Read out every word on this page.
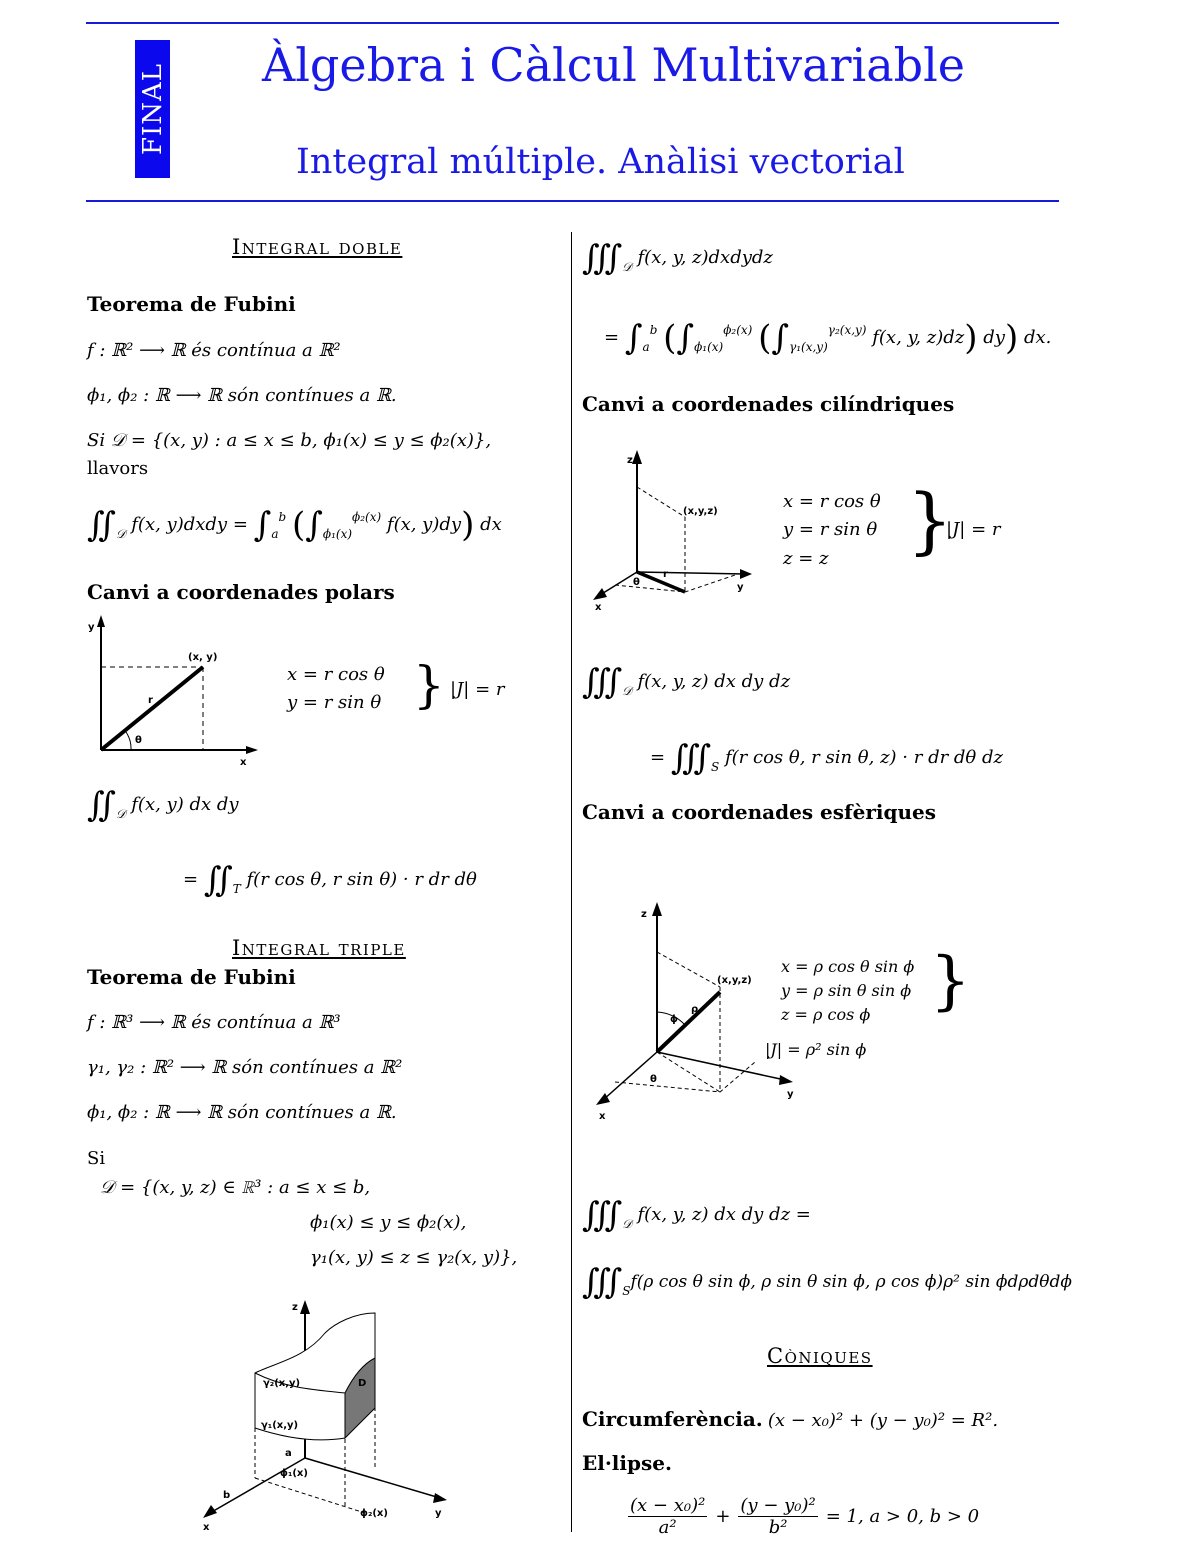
FINAL Àlgebra i Càlcul Multivariable
Integral múltiple. Anàlisi vectorial
Integral doble
Teorema de Fubini
f : ℝ² ⟶ ℝ és contínua a ℝ²
ϕ₁, ϕ₂ : ℝ ⟶ ℝ són contínues a ℝ.
Si 𝒟 = {(x, y) : a ≤ x ≤ b, ϕ₁(x) ≤ y ≤ ϕ₂(x)},
llavors
$∬_𝒟$ f(x, y)dxdy = $\int_a^b$ ($\int_{\phi_1(x)}^{\phi_2(x)}$ f(x, y)dy) dx
Canvi a coordenades polars
y
x
(x, y)
r
θ
x = r cos θ
y = r sin θ } |J| = r
$∬_𝒟$ f(x, y) dx dy
= $∬_T$ f(r cos θ, r sin θ) · r dr dθ
Integral triple
Teorema de Fubini
f : ℝ³ ⟶ ℝ és contínua a ℝ³
γ₁, γ₂ : ℝ² ⟶ ℝ són contínues a ℝ²
ϕ₁, ϕ₂ : ℝ ⟶ ℝ són contínues a ℝ.
Si
𝒟 = {(x, y, z) ∈ ℝ³ : a ≤ x ≤ b,
ϕ₁(x) ≤ y ≤ ϕ₂(x),
γ₁(x, y) ≤ z ≤ γ₂(x, y)},
z
y
x
γ₂(x,y)
γ₁(x,y)
D
a
b
ϕ₁(x)
ϕ₂(x)
$∭_𝒟$ f(x, y, z)dxdydz
= $\int_a^b$ ($\int_{\phi_1(x)}^{\phi_2(x)}$ ($\int_{\gamma_1(x,y)}^{\gamma_2(x,y)}$ f(x, y, z)dz) dy) dx.
Canvi a coordenades cilíndriques
z
y
x
(x,y,z)
θ
r
x = r cos θ
y = r sin θ
z = z }
|J| = r
$∭_𝒟$ f(x, y, z) dx dy dz
= $∭_S$ f(r cos θ, r sin θ, z) · r dr dθ dz
Canvi a coordenades esfèriques
z
y
x
(x,y,z)
θ
ϕ
ρ
x = ρ cos θ sin ϕ
y = ρ sin θ sin ϕ
z = ρ cos ϕ }
|J| = ρ² sin ϕ
$∭_𝒟$ f(x, y, z) dx dy dz =
$∭_Sf(\rho$ cos θ sin ϕ, ρ sin θ sin ϕ, ρ cos ϕ)ρ² sin ϕdρdθdϕ
Còniques
Circumferència. (x − x₀)² + (y − y₀)² = R².
El·lipse.
(x − x₀)²
a²
+ $\frac{\text{(y − y₀)²}}{\text{b²}} = 1$, a > 0, b > 0
